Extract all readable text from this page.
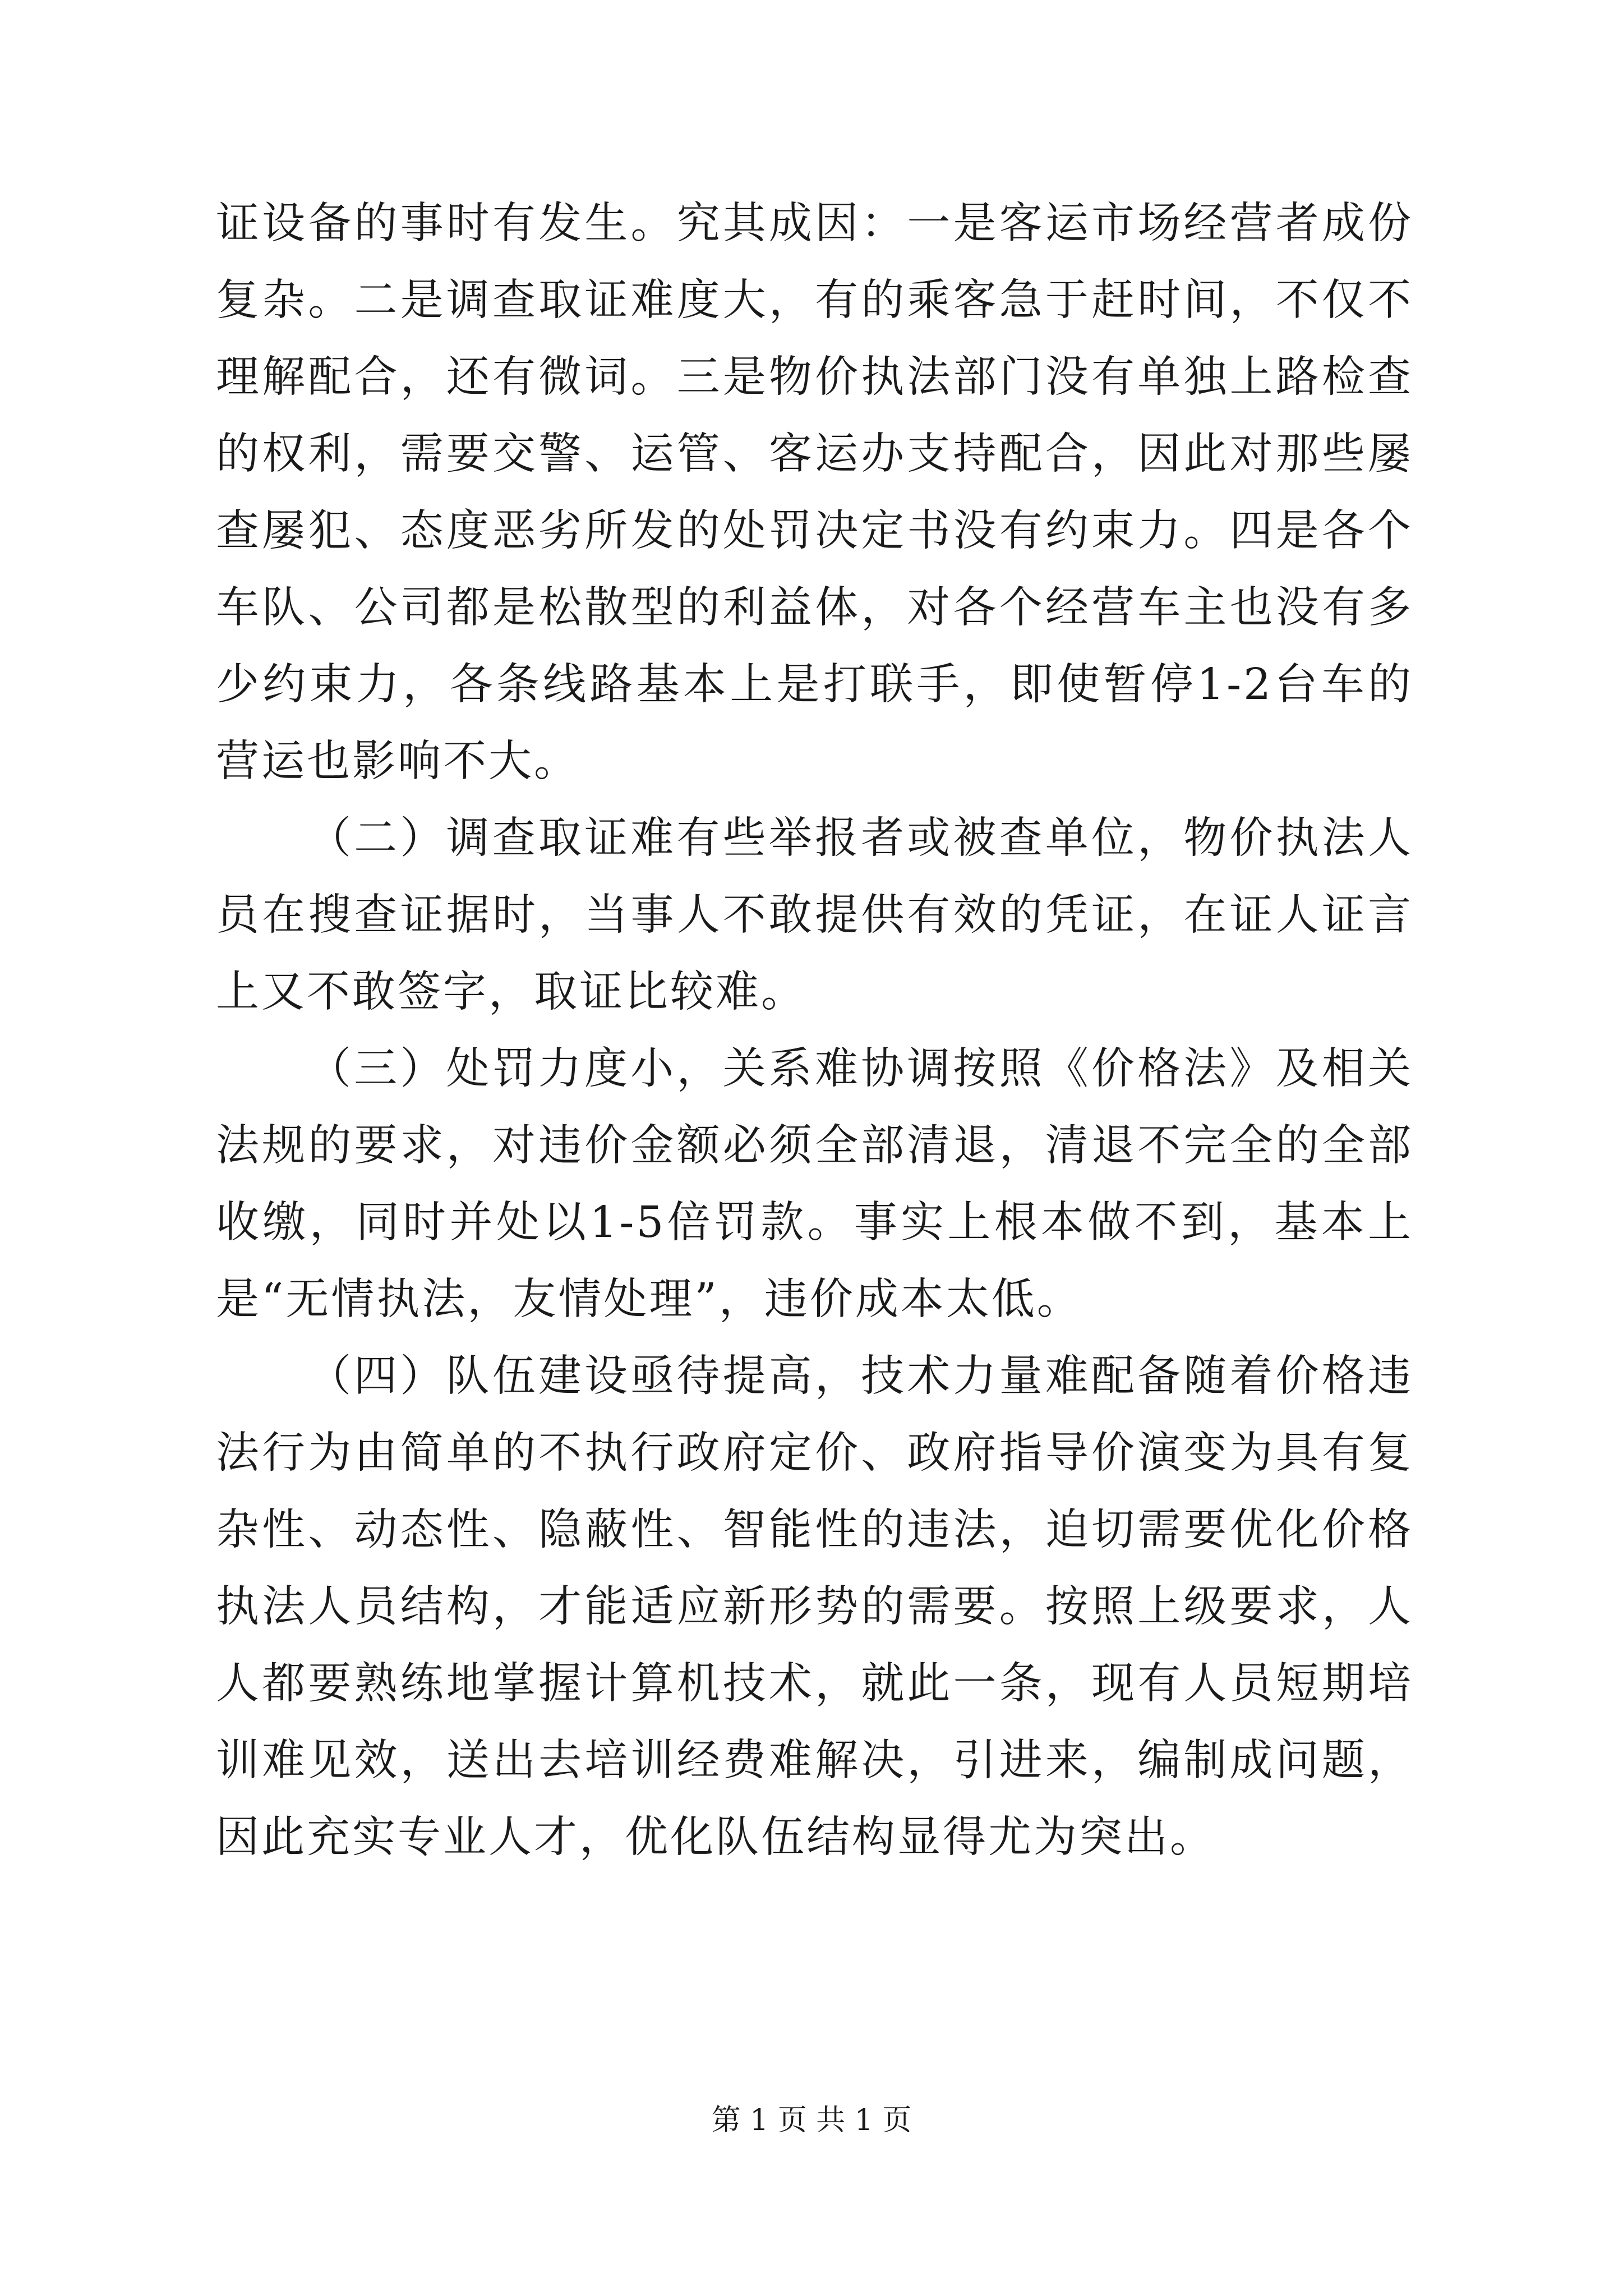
证设备的事时有发生。究其成因：一是客运市场经营者成份复杂。二是调查取证难度大，有的乘客急于赶时间，不仅不理解配合，还有微词。三是物价执法部门没有单独上路检查的权利，需要交警、运管、客运办支持配合，因此对那些屡查屡犯、态度恶劣所发的处罚决定书没有约束力。四是各个车队、公司都是松散型的利益体，对各个经营车主也没有多少约束力，各条线路基本上是打联手，即使暂停1-2台车的营运也影响不大。

（二）调查取证难有些举报者或被查单位，物价执法人员在搜查证据时，当事人不敢提供有效的凭证，在证人证言上又不敢签字，取证比较难。

（三）处罚力度小，关系难协调按照《价格法》及相关法规的要求，对违价金额必须全部清退，清退不完全的全部收缴，同时并处以1-5倍罚款。事实上根本做不到，基本上是“无情执法，友情处理”，违价成本太低。

（四）队伍建设亟待提高，技术力量难配备随着价格违法行为由简单的不执行政府定价、政府指导价演变为具有复杂性、动态性、隐蔽性、智能性的违法，迫切需要优化价格执法人员结构，才能适应新形势的需要。按照上级要求，人人都要熟练地掌握计算机技术，就此一条，现有人员短期培训难见效，送出去培训经费难解决，引进来，编制成问题，因此充实专业人才，优化队伍结构显得尤为突出。

第 1 页 共 1 页
